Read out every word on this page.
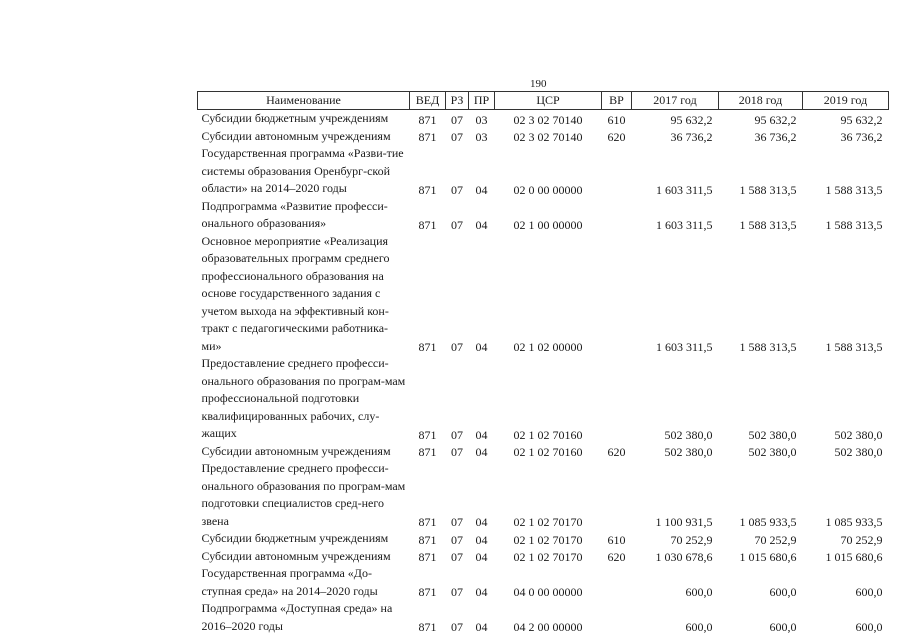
190
Наименование	ВЕД	РЗ	ПР	ЦСР	ВР	2017 год	2018 год	2019 год
Субсидии бюджетным учреждениям	871	07	03	02 3 02 70140	610	95 632,2	95 632,2	95 632,2
Субсидии автономным учреждениям	871	07	03	02 3 02 70140	620	36 736,2	36 736,2	36 736,2
Государственная программа «Разви-тие системы образования Оренбург-ской области» на 2014–2020 годы	871	07	04	02 0 00 00000		1 603 311,5	1 588 313,5	1 588 313,5
Подпрограмма «Развитие професси-онального образования»	871	07	04	02 1 00 00000		1 603 311,5	1 588 313,5	1 588 313,5
Основное мероприятие «Реализация образовательных программ среднего профессионального образования на основе государственного задания с учетом выхода на эффективный кон-тракт с педагогическими работника-ми»	871	07	04	02 1 02 00000		1 603 311,5	1 588 313,5	1 588 313,5
Предоставление среднего професси-онального образования по програм-мам профессиональной подготовки квалифицированных рабочих, слу-жащих	871	07	04	02 1 02 70160		502 380,0	502 380,0	502 380,0
Субсидии автономным учреждениям	871	07	04	02 1 02 70160	620	502 380,0	502 380,0	502 380,0
Предоставление среднего професси-онального образования по програм-мам подготовки специалистов сред-него звена	871	07	04	02 1 02 70170		1 100 931,5	1 085 933,5	1 085 933,5
Субсидии бюджетным учреждениям	871	07	04	02 1 02 70170	610	70 252,9	70 252,9	70 252,9
Субсидии автономным учреждениям	871	07	04	02 1 02 70170	620	1 030 678,6	1 015 680,6	1 015 680,6
Государственная программа «До-ступная среда» на 2014–2020 годы	871	07	04	04 0 00 00000		600,0	600,0	600,0
Подпрограмма «Доступная среда» на 2016–2020 годы	871	07	04	04 2 00 00000		600,0	600,0	600,0
